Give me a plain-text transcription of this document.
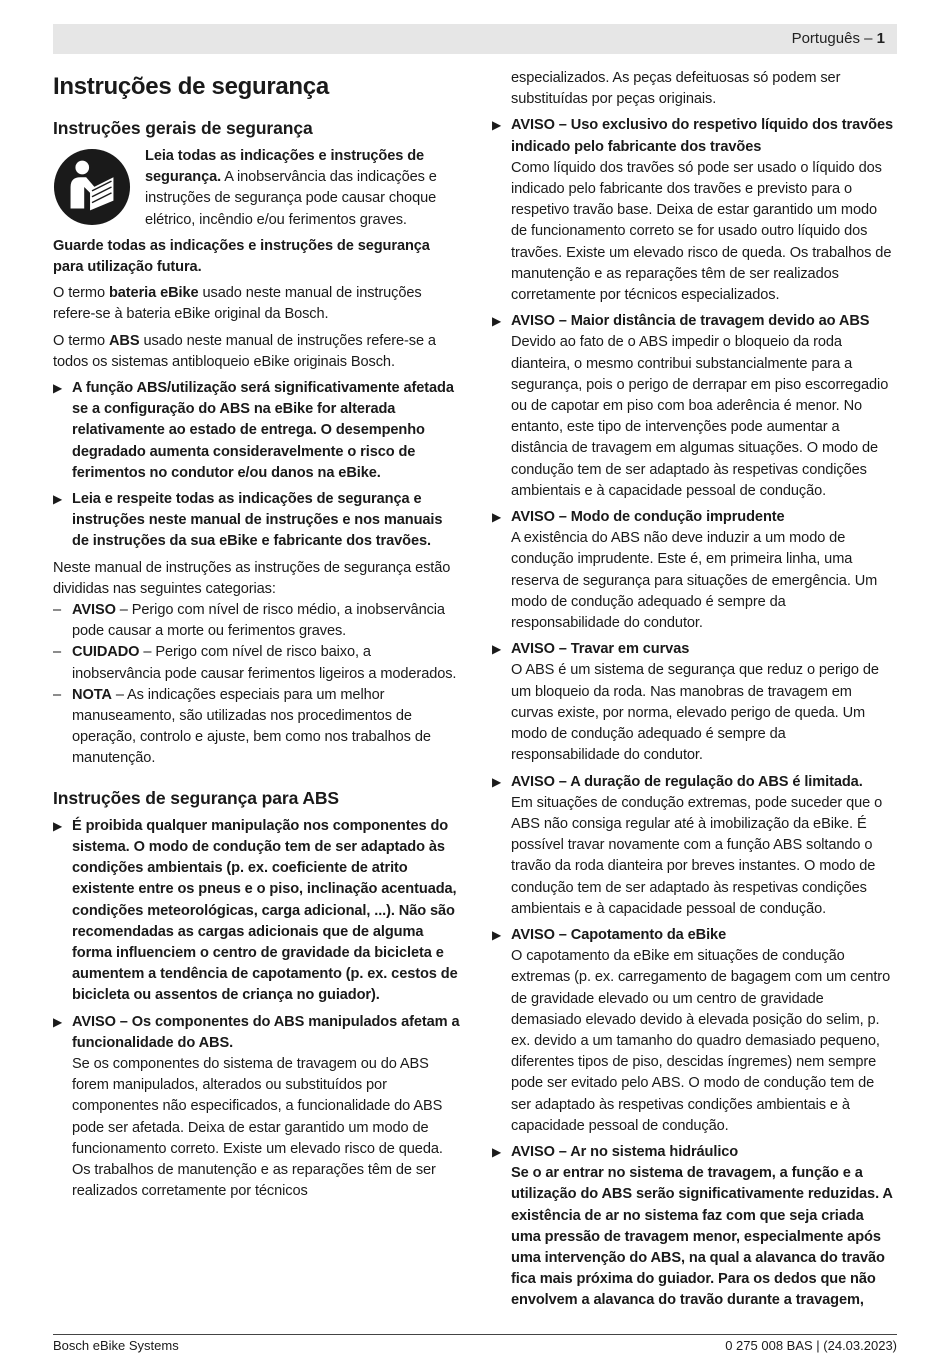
Português – 1
Instruções de segurança
Instruções gerais de segurança

Leia todas as indicações e instruções de segurança. A inobservância das indicações e instruções de segurança pode causar choque elétrico, incêndio e/ou ferimentos graves.

Guarde todas as indicações e instruções de segurança para utilização futura.

O termo bateria eBike usado neste manual de instruções refere-se à bateria eBike original da Bosch.

O termo ABS usado neste manual de instruções refere-se a todos os sistemas antibloqueio eBike originais Bosch.

▶ A função ABS/utilização será significativamente afetada se a configuração do ABS na eBike for alterada relativamente ao estado de entrega. O desempenho degradado aumenta consideravelmente o risco de ferimentos no condutor e/ou danos na eBike.
▶ Leia e respeite todas as indicações de segurança e instruções neste manual de instruções e nos manuais de instruções da sua eBike e fabricante dos travões.

Neste manual de instruções as instruções de segurança estão divididas nas seguintes categorias:

– AVISO – Perigo com nível de risco médio, a inobservância pode causar a morte ou ferimentos graves.
– CUIDADO – Perigo com nível de risco baixo, a inobservância pode causar ferimentos ligeiros a moderados.
– NOTA – As indicações especiais para um melhor manuseamento, são utilizadas nos procedimentos de operação, controlo e ajuste, bem como nos trabalhos de manutenção.
Instruções de segurança para ABS
▶ É proibida qualquer manipulação nos componentes do sistema. O modo de condução tem de ser adaptado às condições ambientais (p. ex. coeficiente de atrito existente entre os pneus e o piso, inclinação acentuada, condições meteorológicas, carga adicional, ...). Não são recomendadas as cargas adicionais que de alguma forma influenciem o centro de gravidade da bicicleta e aumentem a tendência de capotamento (p. ex. cestos de bicicleta ou assentos de criança no guiador).
▶ AVISO – Os componentes do ABS manipulados afetam a funcionalidade do ABS.
Se os componentes do sistema de travagem ou do ABS forem manipulados, alterados ou substituídos por componentes não especificados, a funcionalidade do ABS pode ser afetada. Deixa de estar garantido um modo de funcionamento correto. Existe um elevado risco de queda. Os trabalhos de manutenção e as reparações têm de ser realizados corretamente por técnicos
especializados. As peças defeituosas só podem ser substituídas por peças originais.
▶ AVISO – Uso exclusivo do respetivo líquido dos travões indicado pelo fabricante dos travões
Como líquido dos travões só pode ser usado o líquido dos indicado pelo fabricante dos travões e previsto para o respetivo travão base. Deixa de estar garantido um modo de funcionamento correto se for usado outro líquido dos travões. Existe um elevado risco de queda. Os trabalhos de manutenção e as reparações têm de ser realizados corretamente por técnicos especializados.
▶ AVISO – Maior distância de travagem devido ao ABS
Devido ao fato de o ABS impedir o bloqueio da roda dianteira, o mesmo contribui substancialmente para a segurança, pois o perigo de derrapar em piso escorregadio ou de capotar em piso com boa aderência é menor. No entanto, este tipo de intervenções pode aumentar a distância de travagem em algumas situações. O modo de condução tem de ser adaptado às respetivas condições ambientais e à capacidade pessoal de condução.
▶ AVISO – Modo de condução imprudente
A existência do ABS não deve induzir a um modo de condução imprudente. Este é, em primeira linha, uma reserva de segurança para situações de emergência. Um modo de condução adequado é sempre da responsabilidade do condutor.
▶ AVISO – Travar em curvas
O ABS é um sistema de segurança que reduz o perigo de um bloqueio da roda. Nas manobras de travagem em curvas existe, por norma, elevado perigo de queda. Um modo de condução adequado é sempre da responsabilidade do condutor.
▶ AVISO – A duração de regulação do ABS é limitada.
Em situações de condução extremas, pode suceder que o ABS não consiga regular até à imobilização da eBike. É possível travar novamente com a função ABS soltando o travão da roda dianteira por breves instantes. O modo de condução tem de ser adaptado às respetivas condições ambientais e à capacidade pessoal de condução.
▶ AVISO – Capotamento da eBike
O capotamento da eBike em situações de condução extremas (p. ex. carregamento de bagagem com um centro de gravidade elevado ou um centro de gravidade demasiado elevado devido à elevada posição do selim, p. ex. devido a um tamanho do quadro demasiado pequeno, diferentes tipos de piso, descidas íngremes) nem sempre pode ser evitado pelo ABS. O modo de condução tem de ser adaptado às respetivas condições ambientais e à capacidade pessoal de condução.
▶ AVISO – Ar no sistema hidráulico
Se o ar entrar no sistema de travagem, a função e a utilização do ABS serão significativamente reduzidas. A existência de ar no sistema faz com que seja criada uma pressão de travagem menor, especialmente após uma intervenção do ABS, na qual a alavanca do travão fica mais próxima do guiador. Para os dedos que não envolvem a alavanca do travão durante a travagem,
Bosch eBike Systems	0 275 008 BAS | (24.03.2023)
